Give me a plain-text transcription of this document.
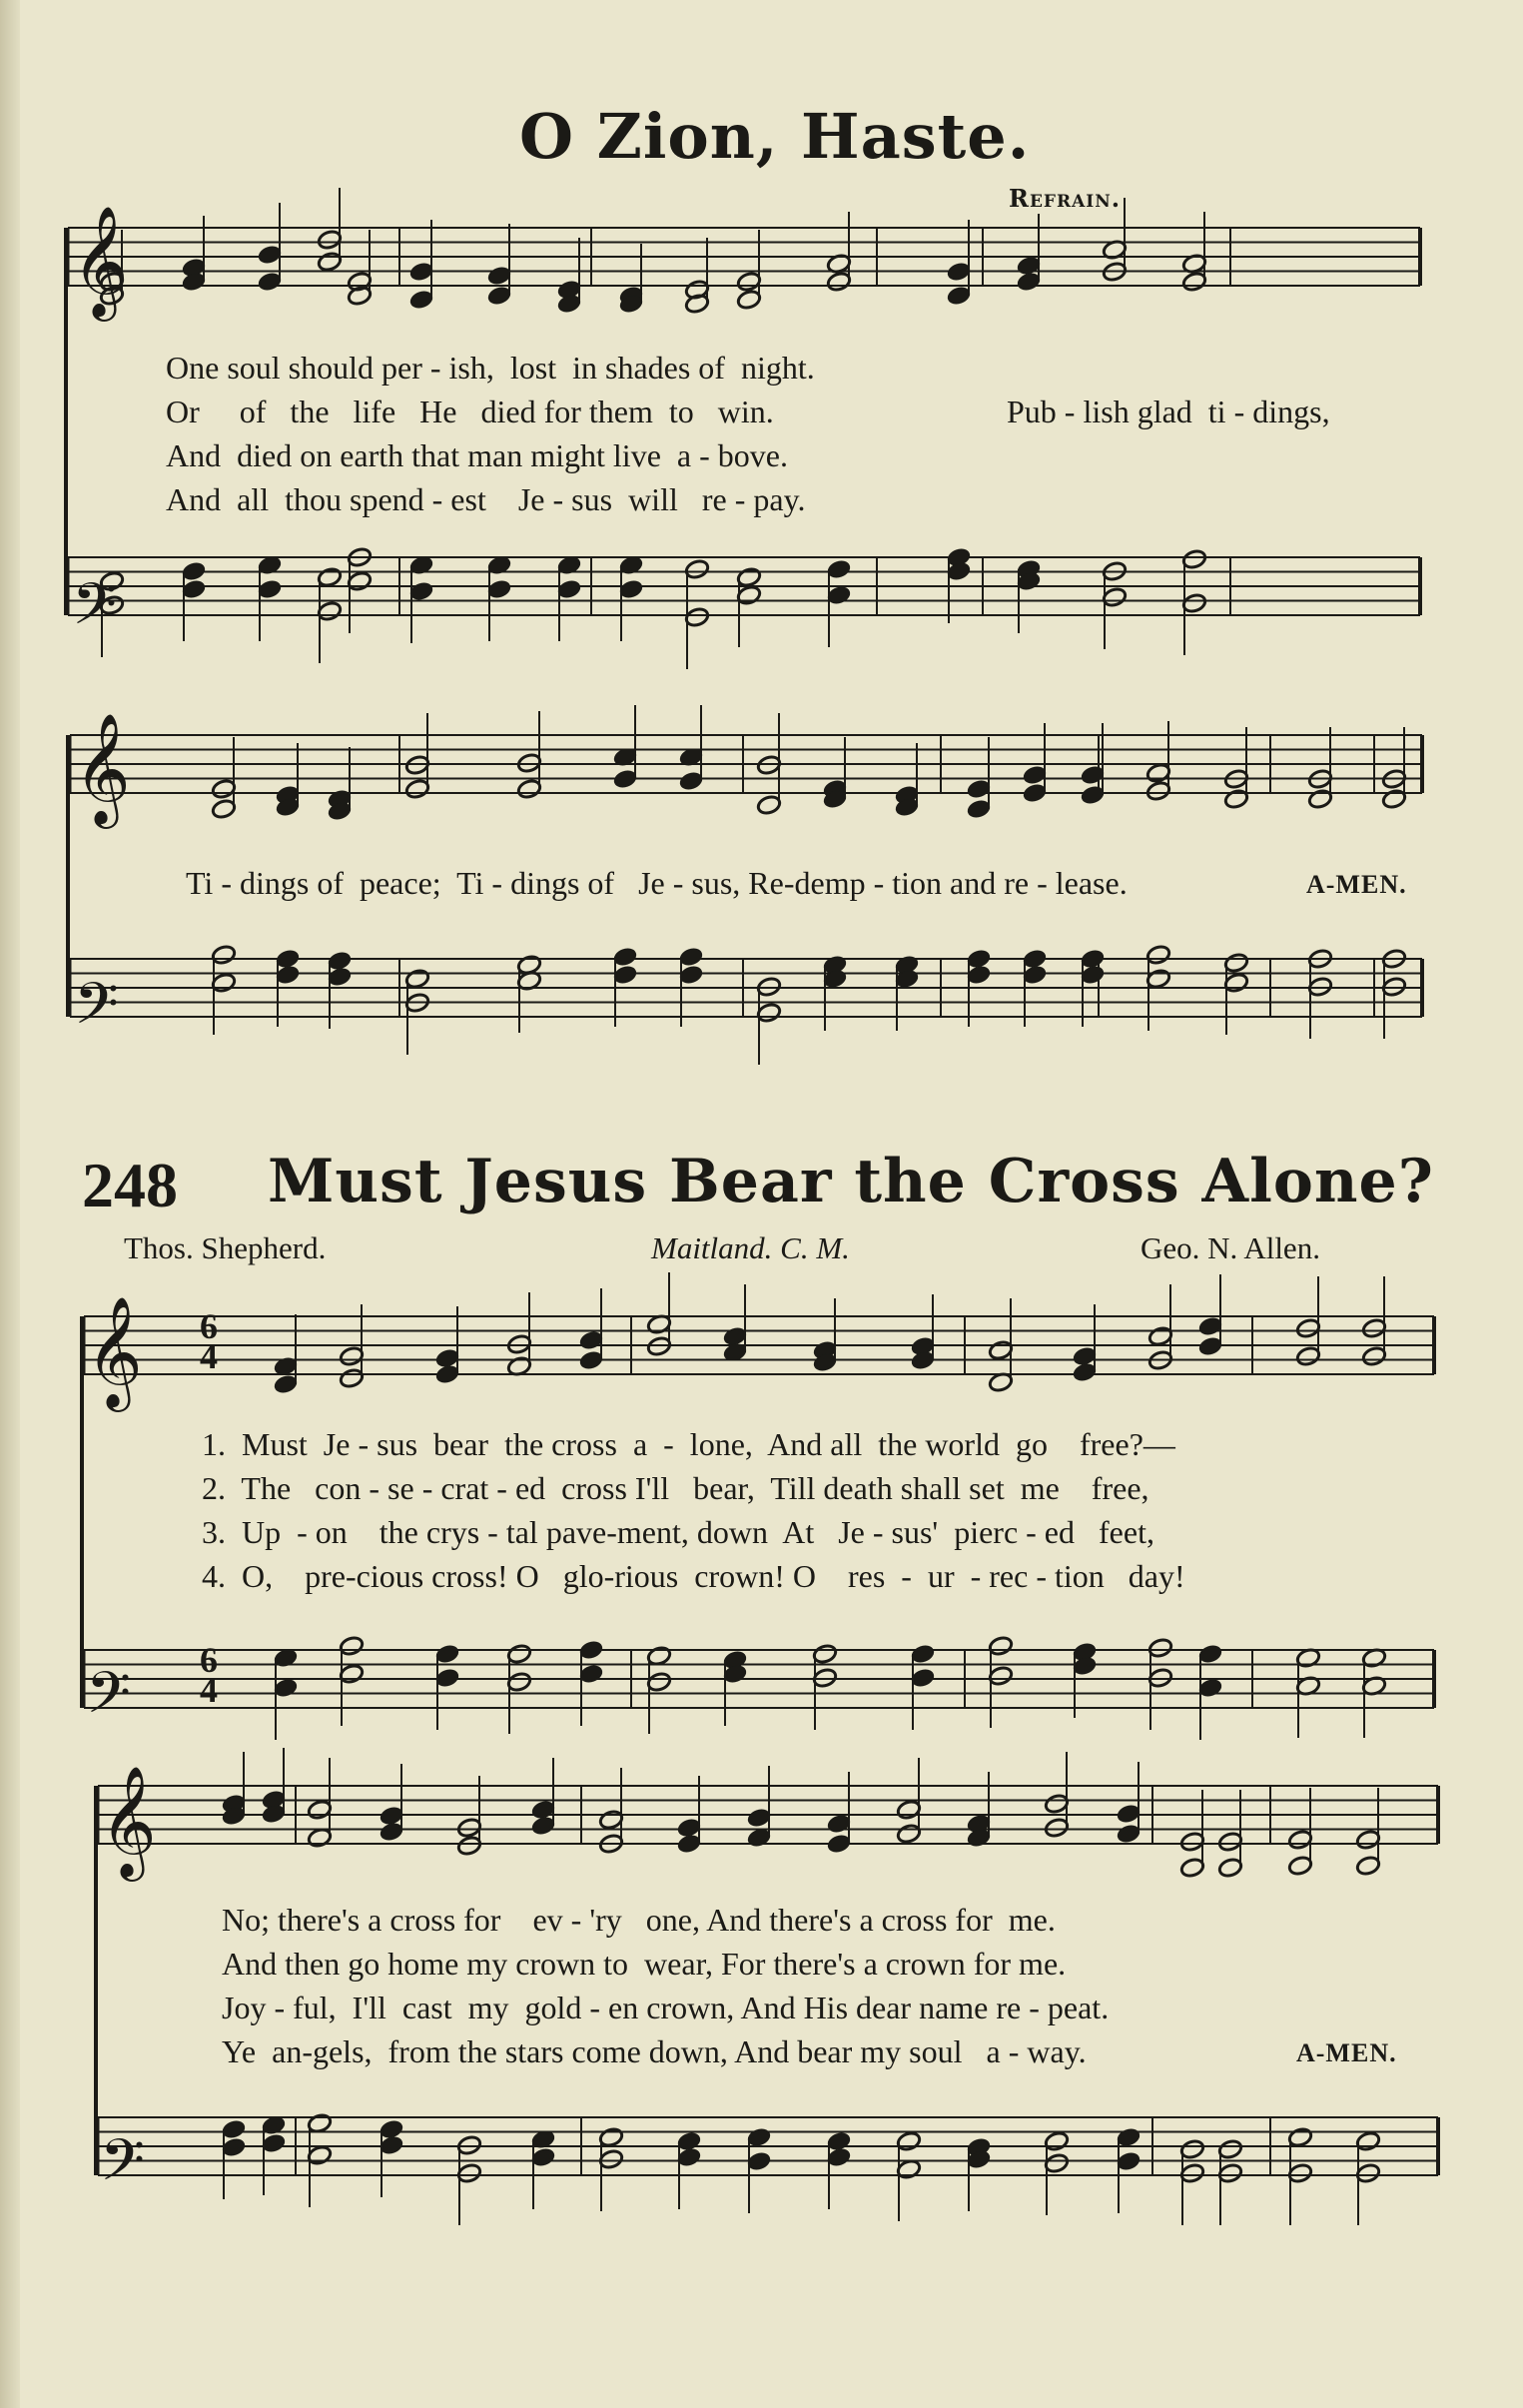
O Zion, Haste.
Refrain.
𝄞
𝄢
𝄞
𝄢
𝄞
𝄢
𝄞
𝄢
6
4
6
4
One soul should per - ish,  lost  in shades of  night.
Or     of   the   life   He   died for them  to   win.
And  died on earth that man might live  a - bove.
And  all  thou spend - est    Je - sus  will   re - pay.
Pub - lish glad  ti - dings,
Ti - dings of  peace;  Ti - dings of   Je - sus, Re-demp - tion and re - lease.	A-MEN.
248 Must Jesus Bear the Cross Alone?
Thos. Shepherd.	Maitland. C. M.	Geo. N. Allen.
1.  Must  Je - sus  bear  the cross  a  -  lone,  And all  the world  go    free?—
2.  The   con - se - crat - ed  cross I'll   bear,  Till death shall set  me    free,
3.  Up  - on    the crys - tal pave-ment, down  At   Je - sus'  pierc - ed   feet,
4.  O,    pre-cious cross! O   glo-rious  crown! O    res  -  ur  - rec - tion   day!
No; there's a cross for    ev - 'ry   one, And there's a cross for  me.
And then go home my crown to  wear, For there's a crown for me.
Joy - ful,  I'll  cast  my  gold - en crown, And His dear name re - peat.
Ye  an-gels,  from the stars come down, And bear my soul   a - way.	A-MEN.
